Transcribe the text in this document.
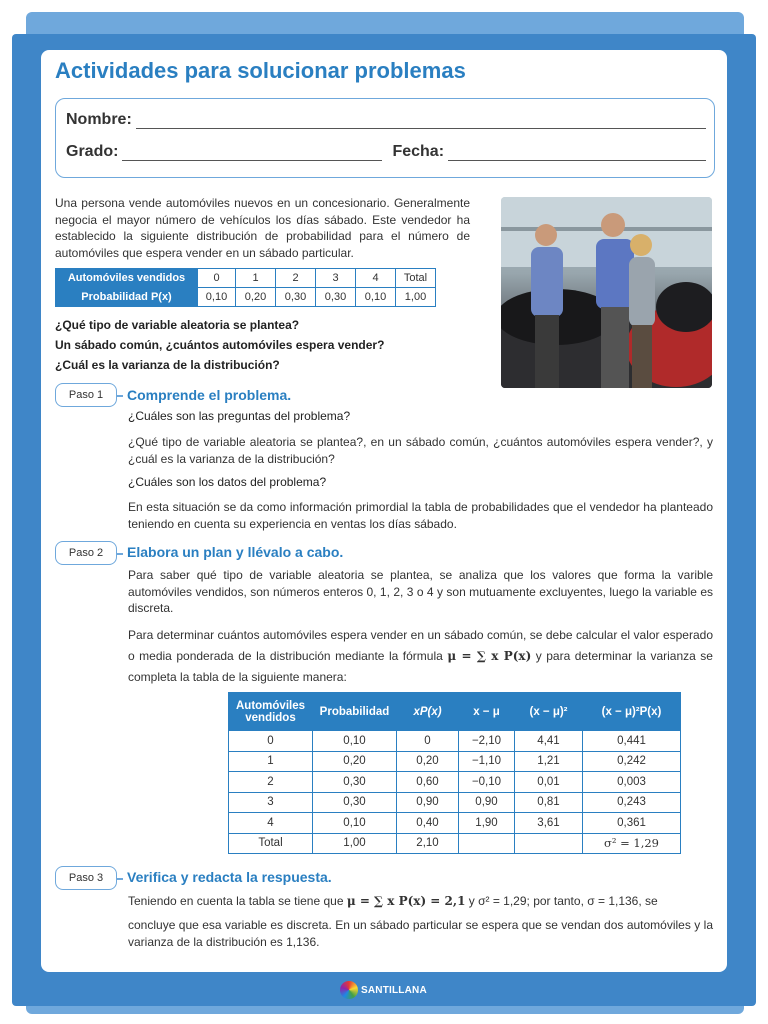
Actividades para solucionar problemas
Nombre:
Grado:	Fecha:
Una persona vende automóviles nuevos en un concesionario. Generalmente negocia el mayor número de vehículos los días sábado. Este vendedor ha establecido la siguiente distribución de probabilidad para el número de automóviles que espera vender en un sábado particular.
Automóviles vendidos	0	1	2	3	4	Total
Probabilidad P(x)	0,10	0,20	0,30	0,30	0,10	1,00
¿Qué tipo de variable aleatoria se plantea?
Un sábado común, ¿cuántos automóviles espera vender?
¿Cuál es la varianza de la distribución?
Paso 1	Comprende el problema.
¿Cuáles son las preguntas del problema?
¿Qué tipo de variable aleatoria se plantea?, en un sábado común, ¿cuántos automóviles espera vender?, y ¿cuál es la varianza de la distribución?
¿Cuáles son los datos del problema?
En esta situación se da como información primordial la tabla de probabilidades que el vendedor ha planteado teniendo en cuenta su experiencia en ventas los días sábado.
Paso 2	Elabora un plan y llévalo a cabo.
Para saber qué tipo de variable aleatoria se plantea, se analiza que los valores que forma la varible automóviles vendidos, son números enteros 0, 1, 2, 3 o 4 y son mutuamente excluyentes, luego la variable es discreta.
Para determinar cuántos automóviles espera vender en un sábado común, se debe calcular el valor esperado o media ponderada de la distribución mediante la fórmula μ = ∑ x P(x) y para determinar la varianza se completa la tabla de la siguiente manera:
Automóviles vendidos	Probabilidad	xP(x)	x − μ	(x − μ)²	(x − μ)²P(x)
0	0,10	0	−2,10	4,41	0,441
1	0,20	0,20	−1,10	1,21	0,242
2	0,30	0,60	−0,10	0,01	0,003
3	0,30	0,90	0,90	0,81	0,243
4	0,10	0,40	1,90	3,61	0,361
Total	1,00	2,10			σ² = 1,29
Paso 3	Verifica y redacta la respuesta.
Teniendo en cuenta la tabla se tiene que μ = ∑ x P(x) = 2,1 y σ² = 1,29; por tanto, σ = 1,136, se
concluye que esa variable es discreta. En un sábado particular se espera que se vendan dos automóviles y la varianza de la distribución es 1,136.
SANTILLANA
